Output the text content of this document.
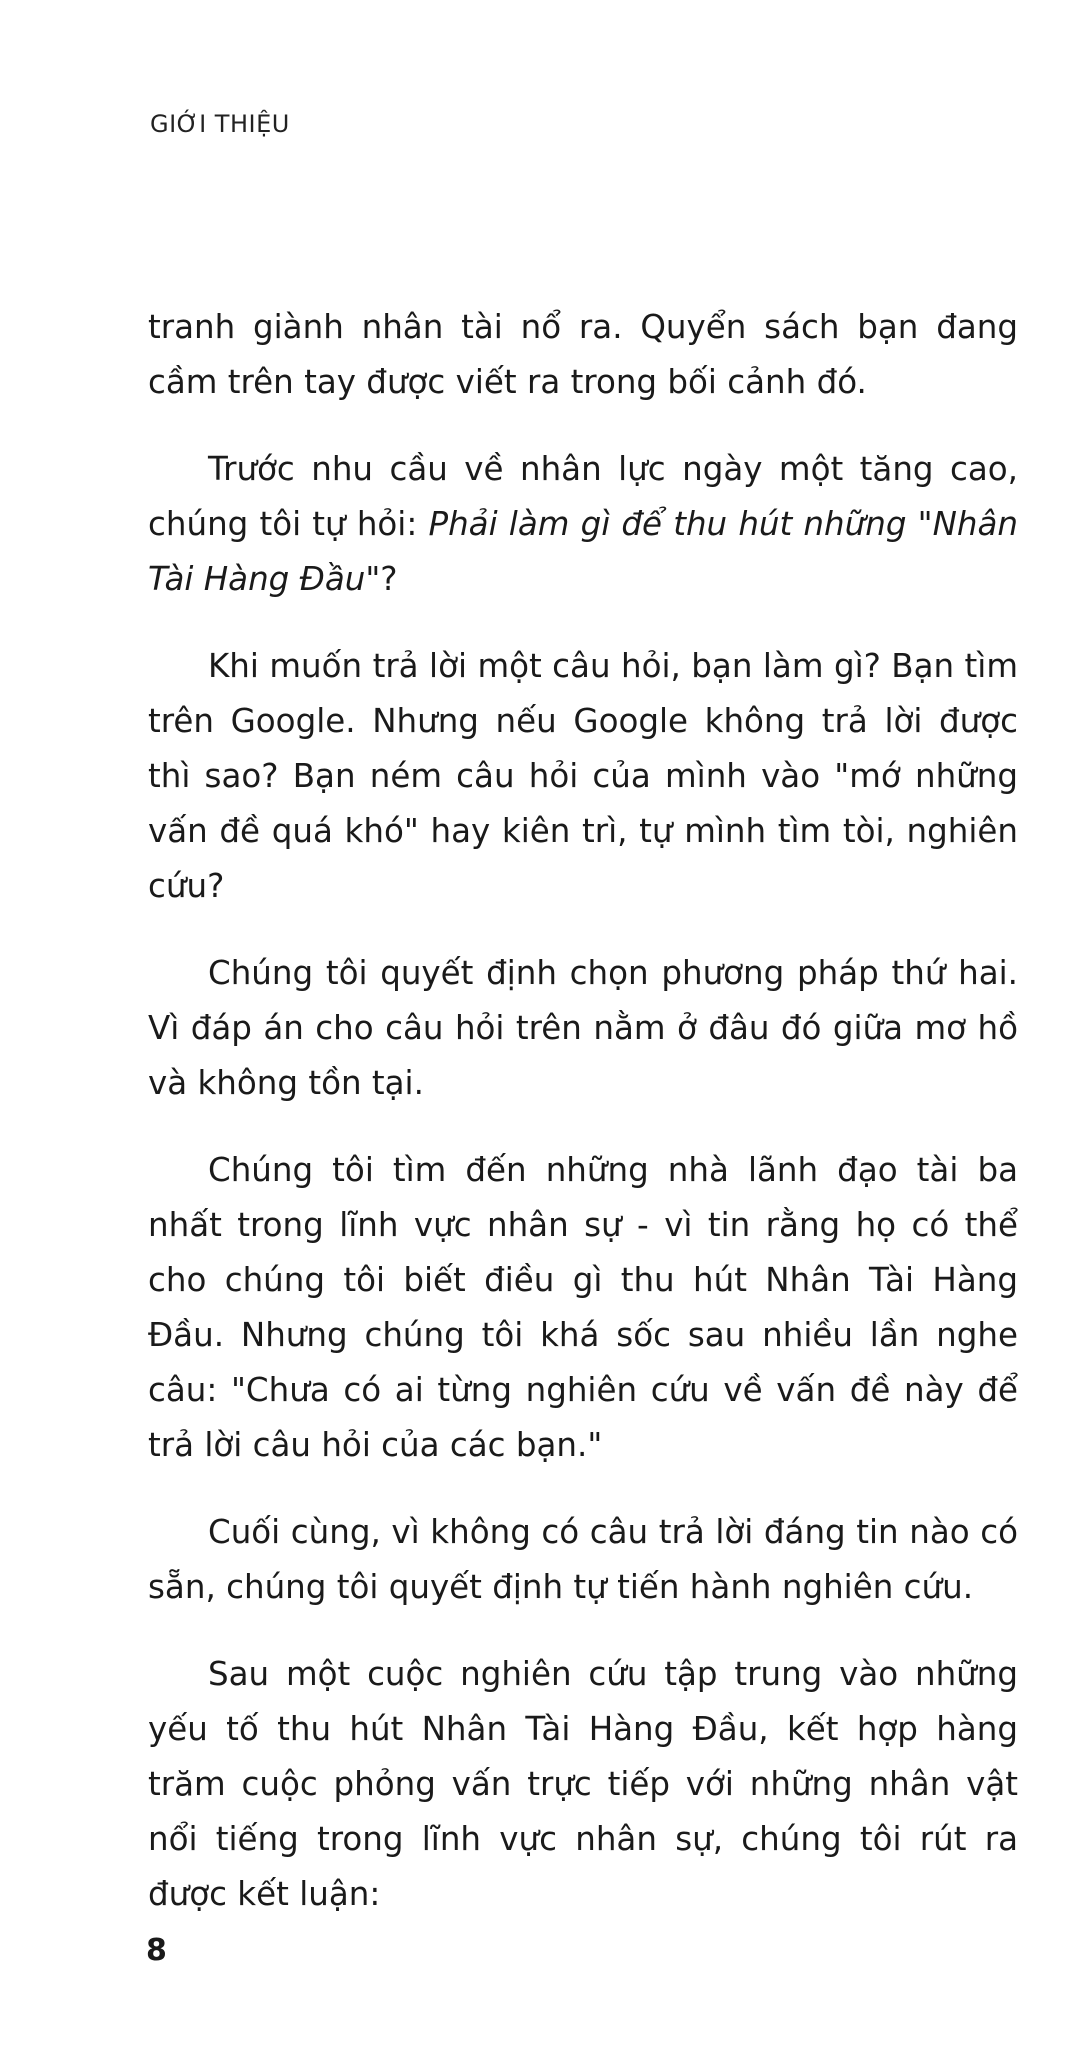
GIỚI THIỆU

tranh giành nhân tài nổ ra. Quyển sách bạn đang cầm trên tay được viết ra trong bối cảnh đó.

Trước nhu cầu về nhân lực ngày một tăng cao, chúng tôi tự hỏi: Phải làm gì để thu hút những "Nhân Tài Hàng Đầu"?

Khi muốn trả lời một câu hỏi, bạn làm gì? Bạn tìm trên Google. Nhưng nếu Google không trả lời được thì sao? Bạn ném câu hỏi của mình vào "mớ những vấn đề quá khó" hay kiên trì, tự mình tìm tòi, nghiên cứu?

Chúng tôi quyết định chọn phương pháp thứ hai. Vì đáp án cho câu hỏi trên nằm ở đâu đó giữa mơ hồ và không tồn tại.

Chúng tôi tìm đến những nhà lãnh đạo tài ba nhất trong lĩnh vực nhân sự - vì tin rằng họ có thể cho chúng tôi biết điều gì thu hút Nhân Tài Hàng Đầu. Nhưng chúng tôi khá sốc sau nhiều lần nghe câu: "Chưa có ai từng nghiên cứu về vấn đề này để trả lời câu hỏi của các bạn."

Cuối cùng, vì không có câu trả lời đáng tin nào có sẵn, chúng tôi quyết định tự tiến hành nghiên cứu.

Sau một cuộc nghiên cứu tập trung vào những yếu tố thu hút Nhân Tài Hàng Đầu, kết hợp hàng trăm cuộc phỏng vấn trực tiếp với những nhân vật nổi tiếng trong lĩnh vực nhân sự, chúng tôi rút ra được kết luận:

8
